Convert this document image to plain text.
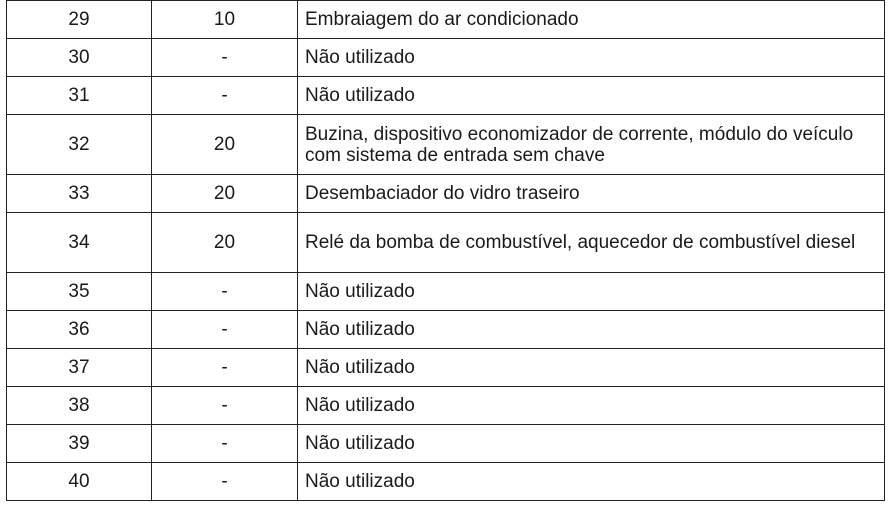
29	10	Embraiagem do ar condicionado
30	-	Não utilizado
31	-	Não utilizado
32	20	Buzina, dispositivo economizador de corrente, módulo do veículo com sistema de entrada sem chave
33	20	Desembaciador do vidro traseiro
34	20	Relé da bomba de combustível, aquecedor de combustível diesel
35	-	Não utilizado
36	-	Não utilizado
37	-	Não utilizado
38	-	Não utilizado
39	-	Não utilizado
40	-	Não utilizado
